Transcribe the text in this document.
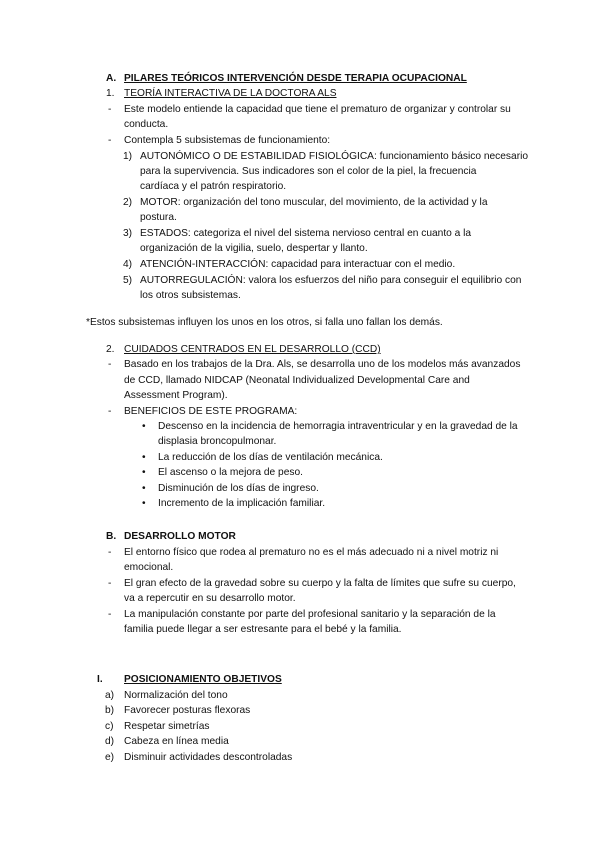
A. PILARES TEÓRICOS INTERVENCIÓN DESDE TERAPIA OCUPACIONAL
1. TEORÍA INTERACTIVA DE LA DOCTORA ALS
- Este modelo entiende la capacidad que tiene el prematuro de organizar y controlar su
conducta.
- Contempla 5 subsistemas de funcionamiento:
1) AUTONÓMICO O DE ESTABILIDAD FISIOLÓGICA: funcionamiento básico necesario
para la supervivencia. Sus indicadores son el color de la piel, la frecuencia
cardíaca y el patrón respiratorio.
2) MOTOR: organización del tono muscular, del movimiento, de la actividad y la
postura.
3) ESTADOS: categoriza el nivel del sistema nervioso central en cuanto a la
organización de la vigilia, suelo, despertar y llanto.
4) ATENCIÓN-INTERACCIÓN: capacidad para interactuar con el medio.
5) AUTORREGULACIÓN: valora los esfuerzos del niño para conseguir el equilibrio con
los otros subsistemas.
*Estos subsistemas influyen los unos en los otros, si falla uno fallan los demás.
2. CUIDADOS CENTRADOS EN EL DESARROLLO (CCD)
- Basado en los trabajos de la Dra. Als, se desarrolla uno de los modelos más avanzados
de CCD, llamado NIDCAP (Neonatal Individualized Developmental Care and
Assessment Program).
- BENEFICIOS DE ESTE PROGRAMA:
• Descenso en la incidencia de hemorragia intraventricular y en la gravedad de la
displasia broncopulmonar.
• La reducción de los días de ventilación mecánica.
• El ascenso o la mejora de peso.
• Disminución de los días de ingreso.
• Incremento de la implicación familiar.
B. DESARROLLO MOTOR
- El entorno físico que rodea al prematuro no es el más adecuado ni a nivel motriz ni
emocional.
- El gran efecto de la gravedad sobre su cuerpo y la falta de límites que sufre su cuerpo,
va a repercutir en su desarrollo motor.
- La manipulación constante por parte del profesional sanitario y la separación de la
familia puede llegar a ser estresante para el bebé y la familia.
I. POSICIONAMIENTO OBJETIVOS
a) Normalización del tono
b) Favorecer posturas flexoras
c) Respetar simetrías
d) Cabeza en línea media
e) Disminuir actividades descontroladas
